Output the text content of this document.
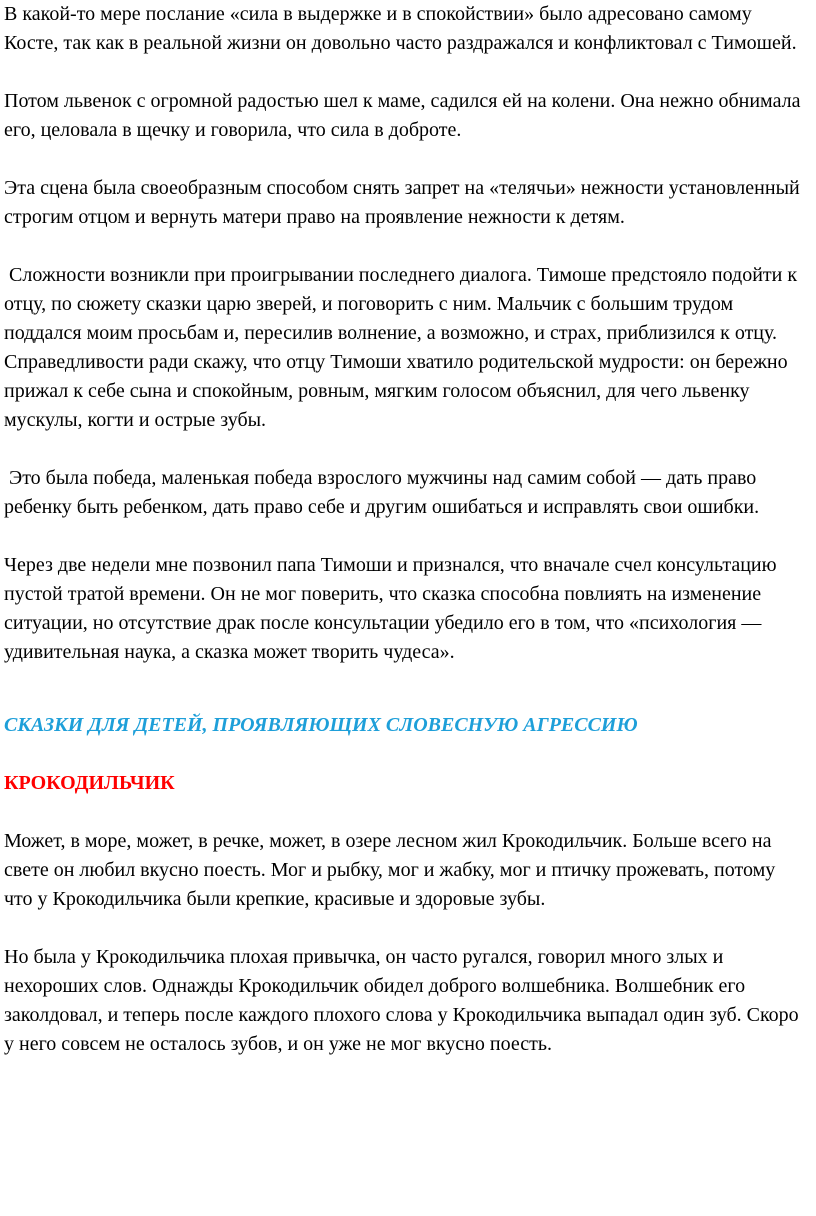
В какой-то мере послание «сила в выдержке и в спокойствии» было адресовано самому Косте, так как в реальной жизни он довольно часто раздражался и конфликтовал с Тимошей.

Потом львенок с огромной радостью шел к маме, садился ей на колени. Она нежно обнимала его, целовала в щечку и говорила, что сила в доброте.

Эта сцена была своеобразным способом снять запрет на «телячьи» нежности установленный строгим отцом и вернуть матери право на проявление нежности к детям.

Сложности возникли при проигрывании последнего диалога. Тимоше предстояло подойти к отцу, по сюжету сказки царю зверей, и поговорить с ним. Мальчик с большим трудом поддался моим просьбам и, пересилив волнение, а возможно, и страх, приблизился к отцу. Справедливости ради скажу, что отцу Тимоши хватило родительской мудрости: он бережно прижал к себе сына и спокойным, ровным, мягким голосом объяснил, для чего львенку мускулы, когти и острые зубы.

Это была победа, маленькая победа взрослого мужчины над самим собой — дать право ребенку быть ребенком, дать право себе и другим ошибаться и исправлять свои ошибки.

Через две недели мне позвонил папа Тимоши и признался, что вначале счел консультацию пустой тратой времени. Он не мог поверить, что сказка способна повлиять на изменение ситуации, но отсутствие драк после консультации убедило его в том, что «психология — удивительная наука, а сказка может творить чудеса».

СКАЗКИ ДЛЯ ДЕТЕЙ, ПРОЯВЛЯЮЩИХ СЛОВЕСНУЮ АГРЕССИЮ

КРОКОДИЛЬЧИК

Может, в море, может, в речке, может, в озере лесном жил Крокодильчик. Больше всего на свете он любил вкусно поесть. Мог и рыбку, мог и жабку, мог и птичку прожевать, потому что у Крокодильчика были крепкие, красивые и здоровые зубы.

Но была у Крокодильчика плохая привычка, он часто ругался, говорил много злых и нехороших слов. Однажды Крокодильчик обидел доброго волшебника. Волшебник его заколдовал, и теперь после каждого плохого слова у Крокодильчика выпадал один зуб. Скоро у него совсем не осталось зубов, и он уже не мог вкусно поесть.
